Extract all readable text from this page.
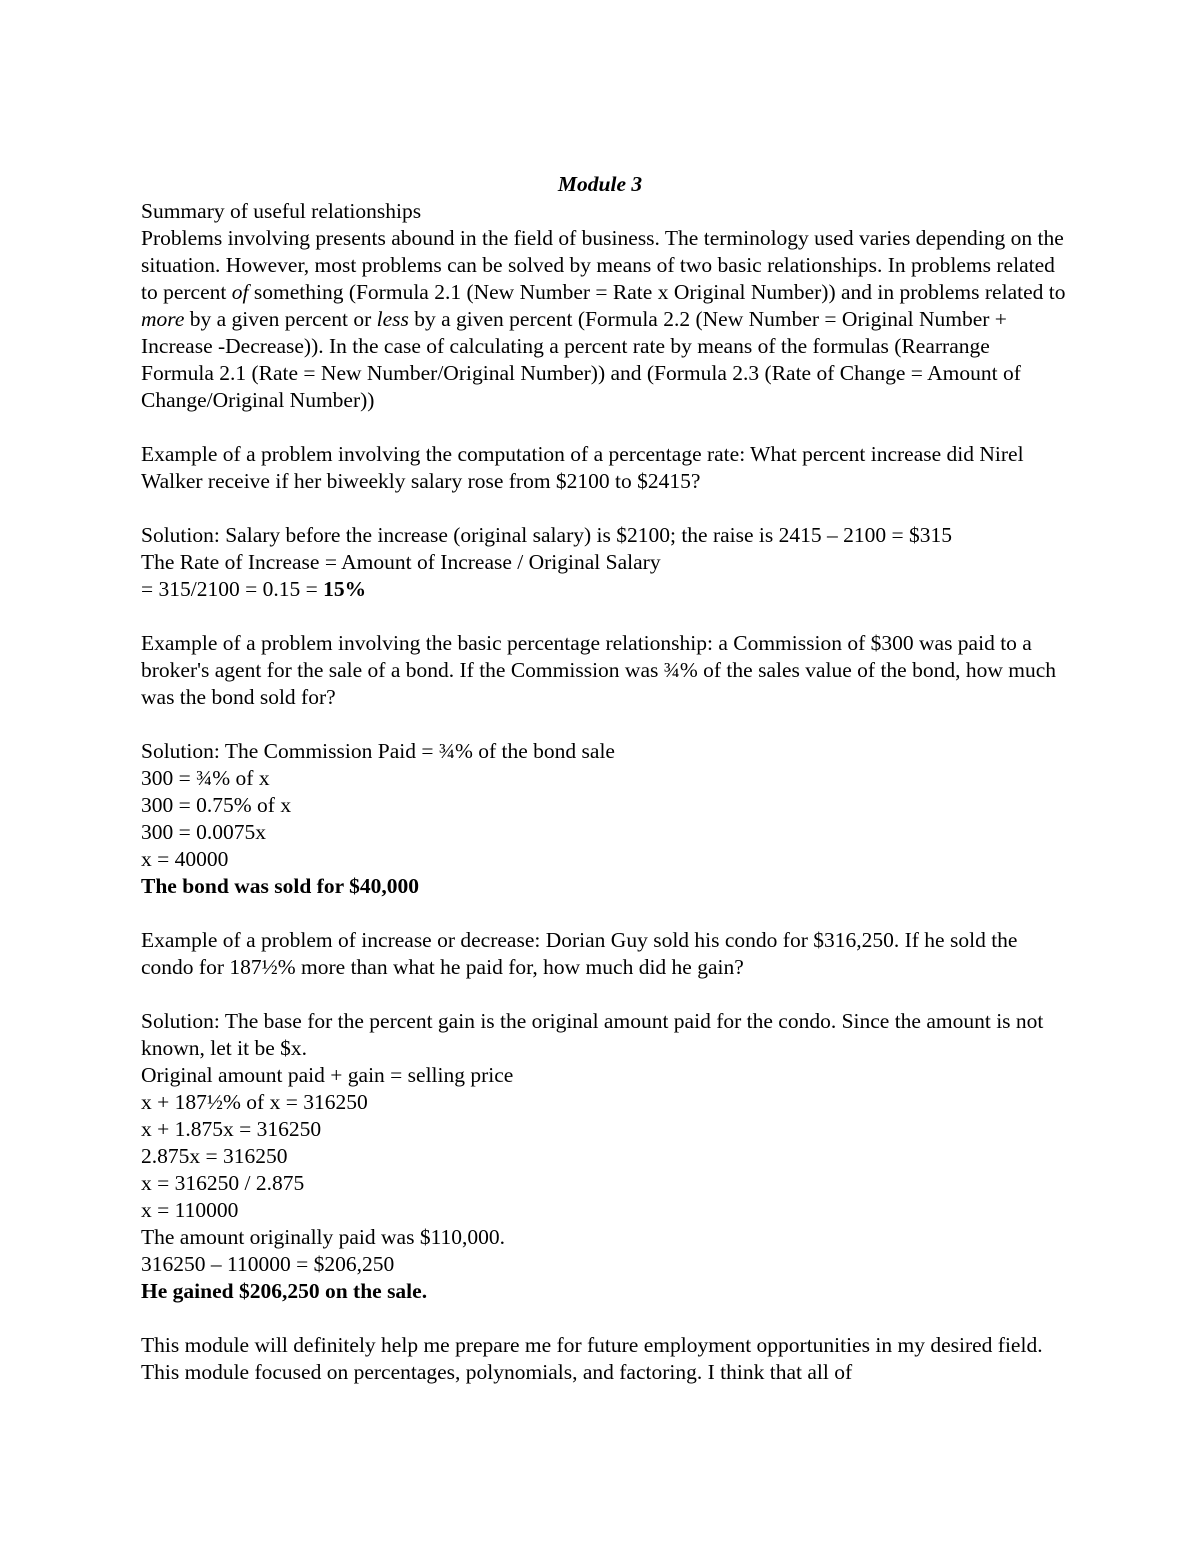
Module 3

Summary of useful relationships

Problems involving presents abound in the field of business. The terminology used varies depending on the situation. However, most problems can be solved by means of two basic relationships. In problems related to percent of something (Formula 2.1 (New Number = Rate x Original Number)) and in problems related to more by a given percent or less by a given percent (Formula 2.2 (New Number = Original Number + Increase -Decrease)). In the case of calculating a percent rate by means of the formulas (Rearrange Formula 2.1 (Rate = New Number/Original Number)) and (Formula 2.3 (Rate of Change = Amount of Change/Original Number))

Example of a problem involving the computation of a percentage rate: What percent increase did Nirel Walker receive if her biweekly salary rose from $2100 to $2415?

Solution: Salary before the increase (original salary) is $2100; the raise is 2415 – 2100 = $315

The Rate of Increase = Amount of Increase / Original Salary

= 315/2100 = 0.15 = 15%

Example of a problem involving the basic percentage relationship: a Commission of $300 was paid to a broker's agent for the sale of a bond. If the Commission was ¾% of the sales value of the bond, how much was the bond sold for?

Solution: The Commission Paid = ¾% of the bond sale

300 = ¾% of x

300 = 0.75% of x

300 = 0.0075x

x = 40000

The bond was sold for $40,000

Example of a problem of increase or decrease: Dorian Guy sold his condo for $316,250. If he sold the condo for 187½% more than what he paid for, how much did he gain?

Solution: The base for the percent gain is the original amount paid for the condo. Since the amount is not known, let it be $x.

Original amount paid + gain = selling price

x + 187½% of x = 316250

x + 1.875x = 316250

2.875x = 316250

x = 316250 / 2.875

x = 110000

The amount originally paid was $110,000.

316250 – 110000 = $206,250

He gained $206,250 on the sale.

This module will definitely help me prepare me for future employment opportunities in my desired field. This module focused on percentages, polynomials, and factoring. I think that all of
